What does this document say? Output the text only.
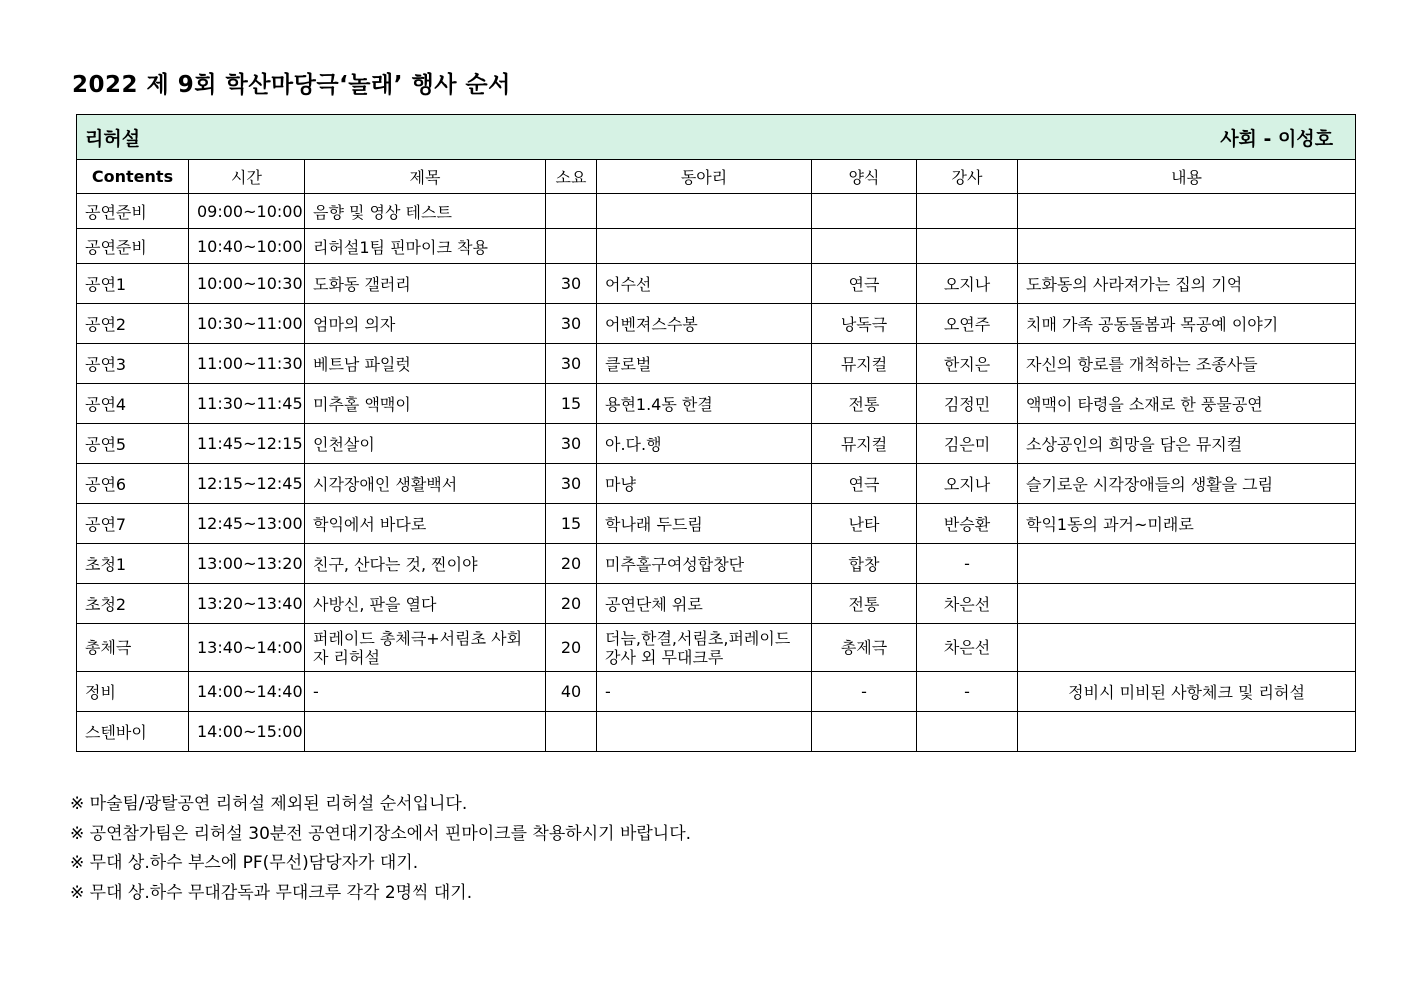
2022 제 9회 학산마당극‘놀래’ 행사 순서
리허설 사회 - 이성호							

Contents	시간	제목	소요	동아리	양식	강사	내용
공연준비	09:00~10:00	음향 및 영상 테스트					
공연준비	10:40~10:00	리허설1팀 핀마이크 착용					
공연1	10:00~10:30	도화동 갤러리	30	어수선	연극	오지나	도화동의 사라져가는 집의 기억
공연2	10:30~11:00	엄마의 의자	30	어벤져스수봉	낭독극	오연주	치매 가족 공동돌봄과 목공예 이야기
공연3	11:00~11:30	베트남 파일럿	30	클로벌	뮤지컬	한지은	자신의 항로를 개척하는 조종사들
공연4	11:30~11:45	미추홀 액맥이	15	용현1.4동 한결	전통	김정민	액맥이 타령을 소재로 한 풍물공연
공연5	11:45~12:15	인천살이	30	아.다.행	뮤지컬	김은미	소상공인의 희망을 담은 뮤지컬
공연6	12:15~12:45	시각장애인 생활백서	30	마냥	연극	오지나	슬기로운 시각장애들의 생활을 그림
공연7	12:45~13:00	학익에서 바다로	15	학나래 두드림	난타	반승환	학익1동의 과거~미래로
초청1	13:00~13:20	친구, 산다는 것, 찐이야	20	미추홀구여성합창단	합창	-	
초청2	13:20~13:40	사방신, 판을 열다	20	공연단체 위로	전통	차은선	
총체극	13:40~14:00	퍼레이드 총체극+서림초 사회자 리허설	20	더늠,한결,서림초,퍼레이드 강사 외 무대크루	총제극	차은선	
정비	14:00~14:40	-	40	-	-	-	정비시 미비된 사항체크 및 리허설
스텐바이	14:00~15:00						
※ 마술팀/광탈공연 리허설 제외된 리허설 순서입니다.
※ 공연참가팀은 리허설 30분전 공연대기장소에서 핀마이크를 착용하시기 바랍니다.
※ 무대 상.하수 부스에 PF(무선)담당자가 대기.
※ 무대 상.하수 무대감독과 무대크루 각각 2명씩 대기.
